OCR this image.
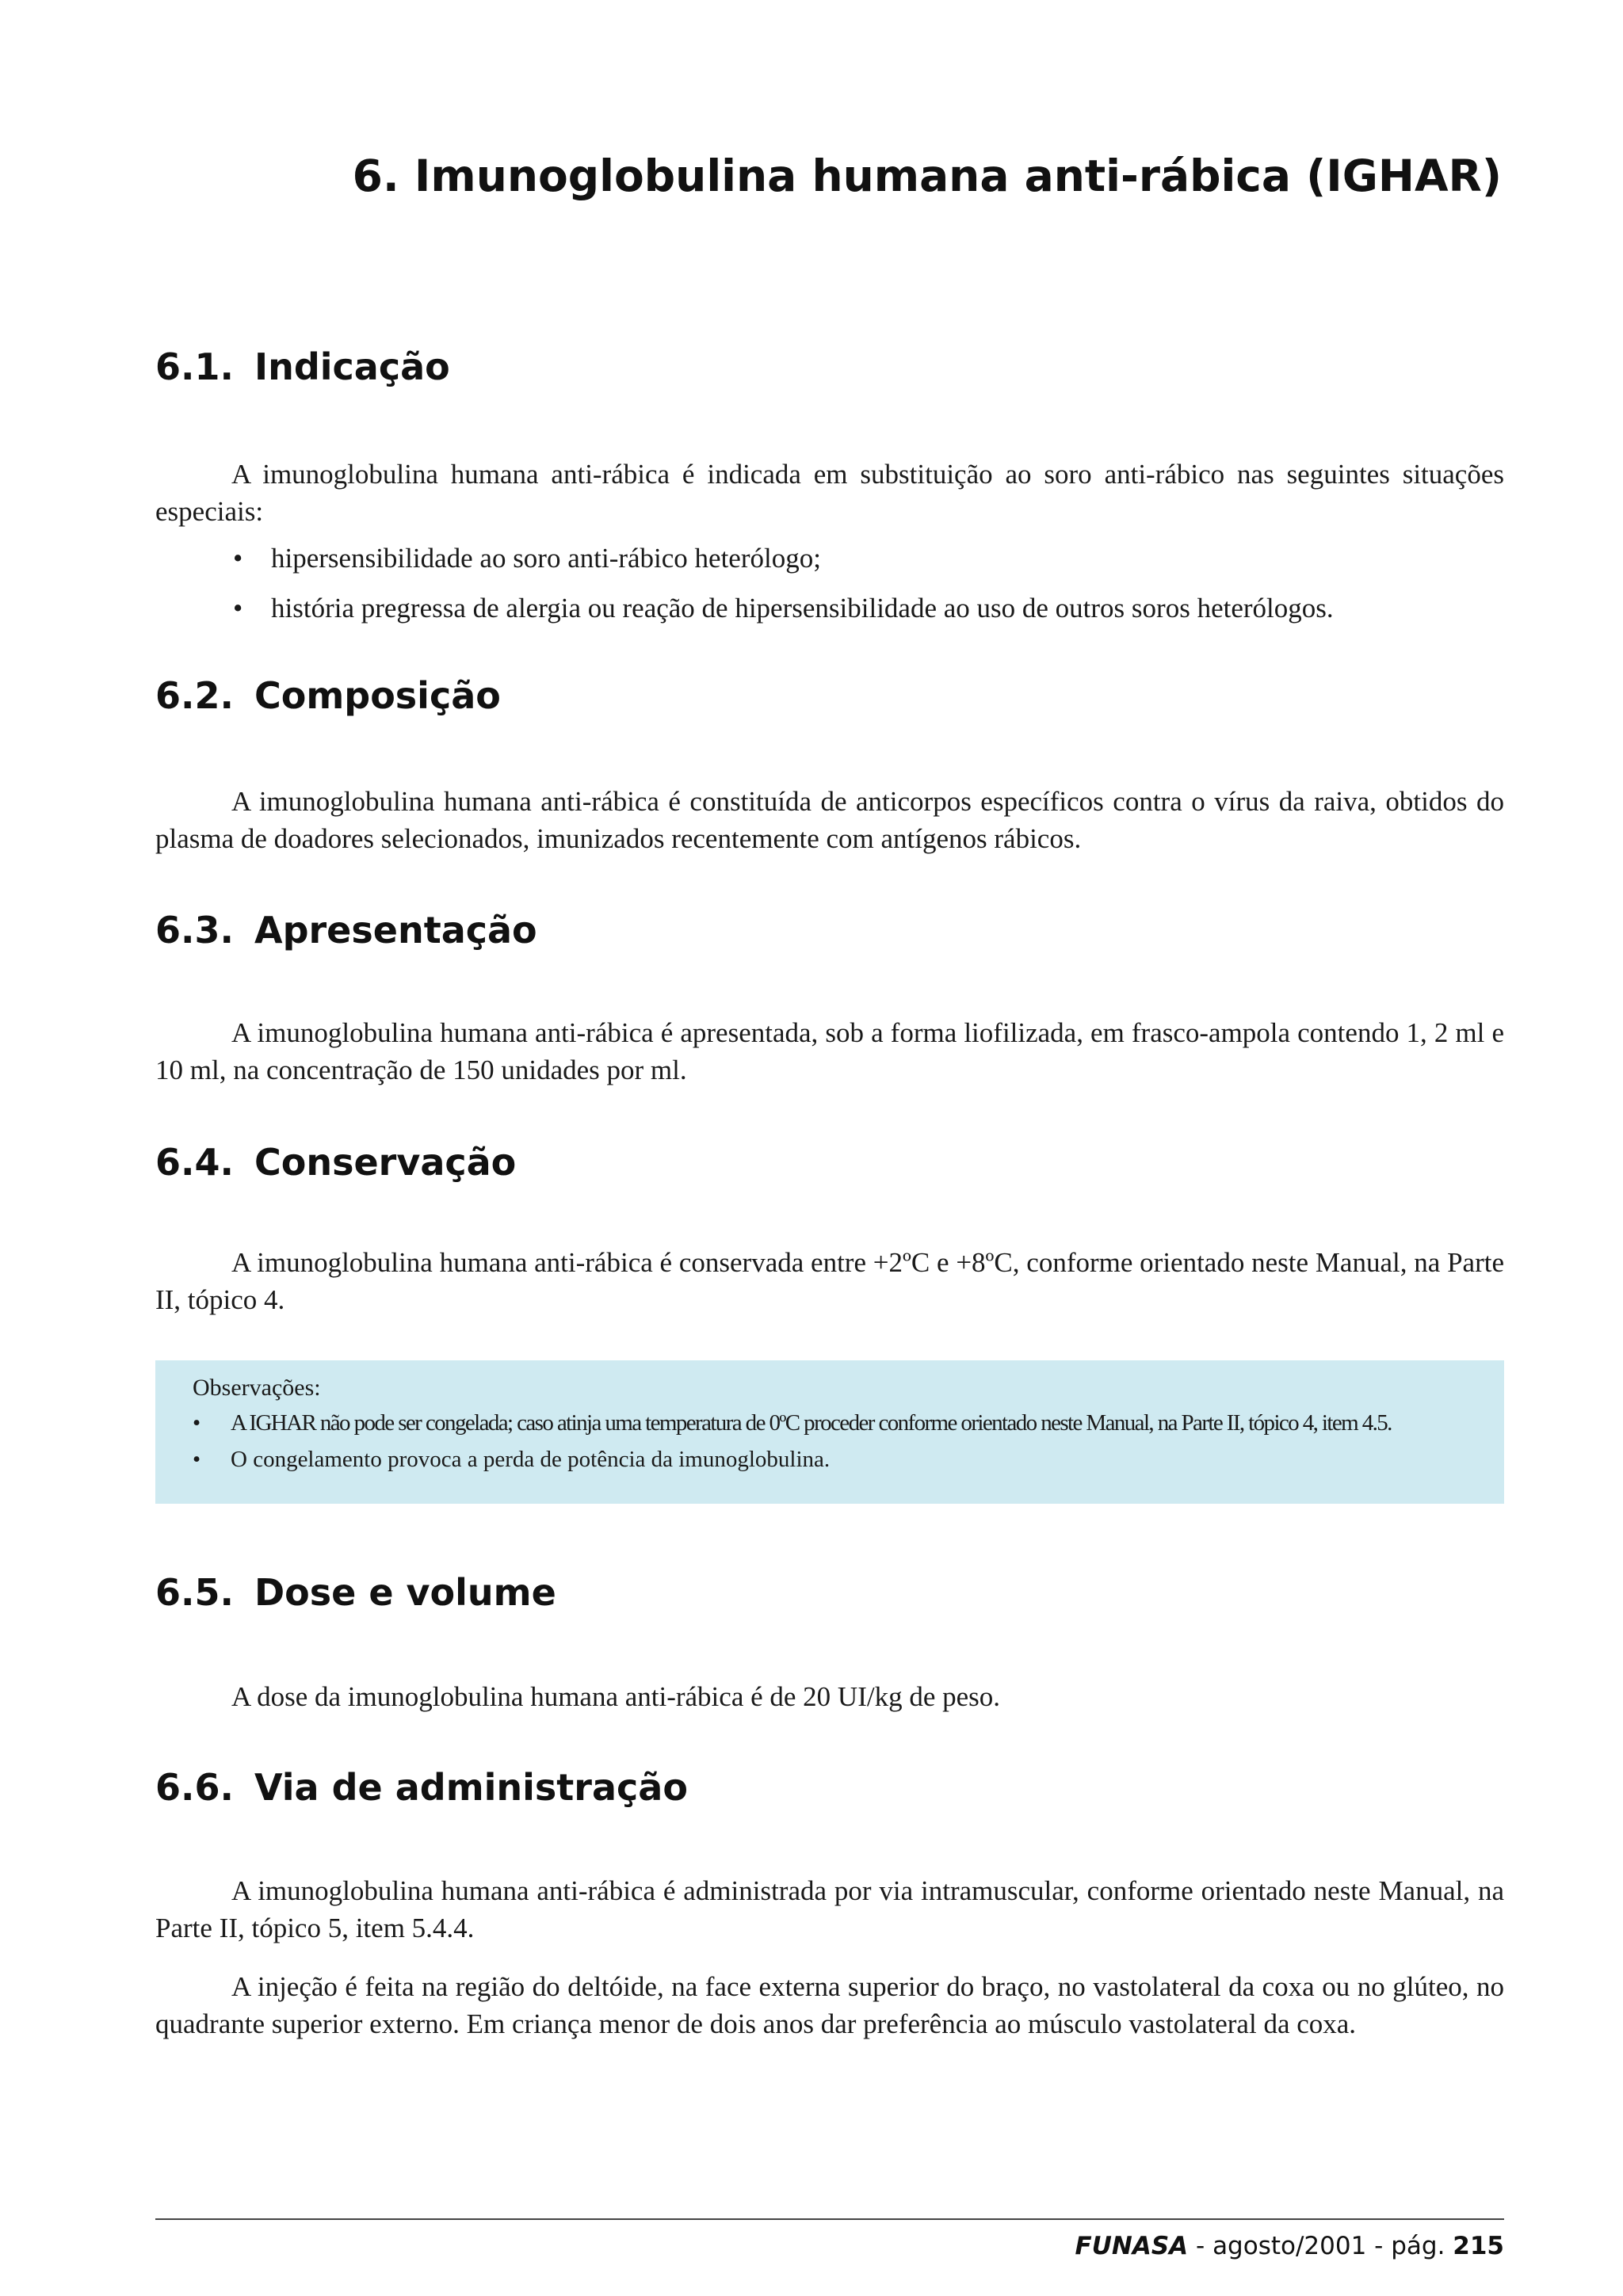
6. Imunoglobulina humana anti-rábica (IGHAR)
6.1. Indicação

A imunoglobulina humana anti-rábica é indicada em substituição ao soro anti-rábico nas seguintes situações especiais:

• hipersensibilidade ao soro anti-rábico heterólogo;
• história pregressa de alergia ou reação de hipersensibilidade ao uso de outros soros heterólogos.
6.2. Composição

A imunoglobulina humana anti-rábica é constituída de anticorpos específicos contra o vírus da raiva, obtidos do plasma de doadores selecionados, imunizados recentemente com antígenos rábicos.

6.3. Apresentação

A imunoglobulina humana anti-rábica é apresentada, sob a forma liofilizada, em frasco-ampola contendo 1, 2 ml e 10 ml, na concentração de 150 unidades por ml.

6.4. Conservação

A imunoglobulina humana anti-rábica é conservada entre +2ºC e +8ºC, conforme orientado neste Manual, na Parte II, tópico 4.

Observações:

• A IGHAR não pode ser congelada; caso atinja uma temperatura de 0ºC proceder conforme orientado neste Manual, na Parte II, tópico 4, item 4.5.
• O congelamento provoca a perda de potência da imunoglobulina.
6.5. Dose e volume

A dose da imunoglobulina humana anti-rábica é de 20 UI/kg de peso.

6.6. Via de administração

A imunoglobulina humana anti-rábica é administrada por via intramuscular, conforme orientado neste Manual, na Parte II, tópico 5, item 5.4.4.

A injeção é feita na região do deltóide, na face externa superior do braço, no vastolateral da coxa ou no glúteo, no quadrante superior externo. Em criança menor de dois anos dar preferência ao músculo vastolateral da coxa.

FUNASA - agosto/2001 - pág. 215
